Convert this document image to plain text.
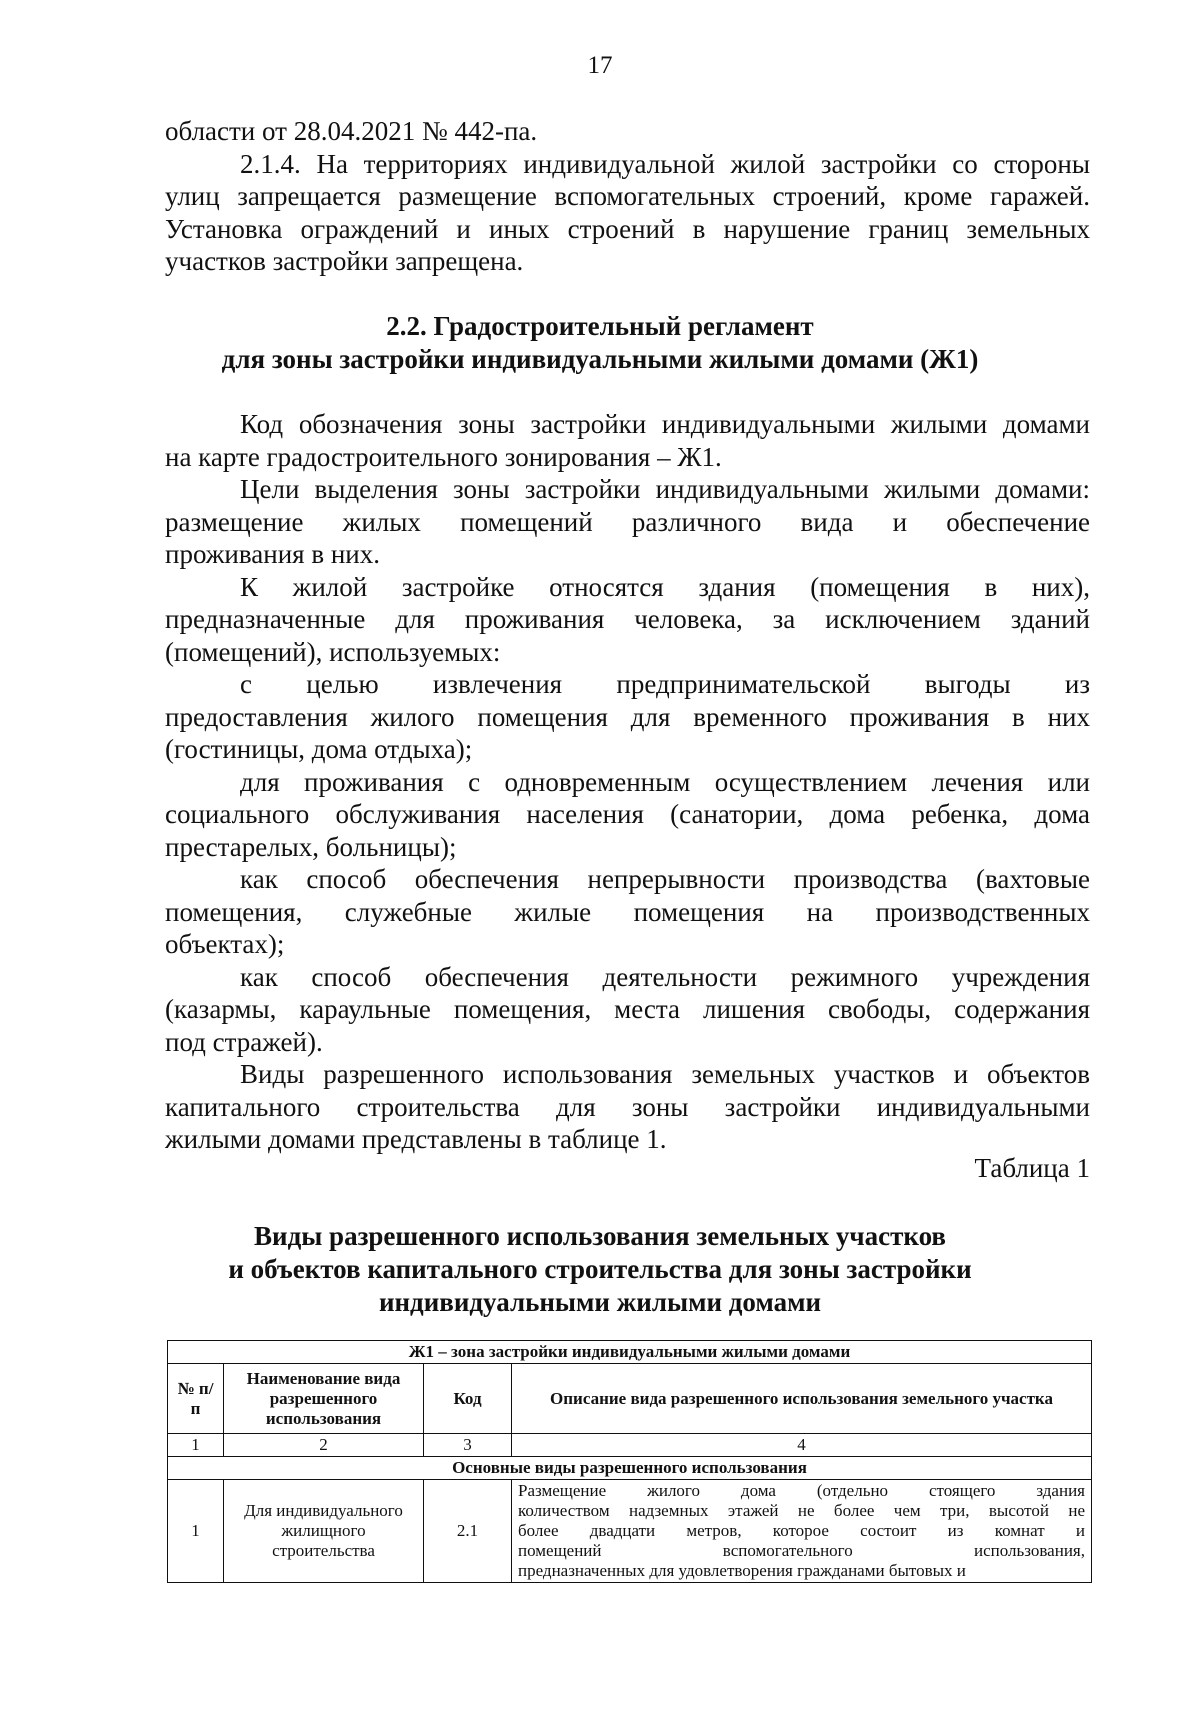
17
области от 28.04.2021 № 442-па.
2.1.4. На территориях индивидуальной жилой застройки со стороны
улиц запрещается размещение вспомогательных строений, кроме гаражей.
Установка ограждений и иных строений в нарушение границ земельных
участков застройки запрещена.
2.2. Градостроительный регламент
для зоны застройки индивидуальными жилыми домами (Ж1)
Код обозначения зоны застройки индивидуальными жилыми домами
на карте градостроительного зонирования – Ж1.
Цели выделения зоны застройки индивидуальными жилыми домами:
размещение жилых помещений различного вида и обеспечение
проживания в них.
К жилой застройке относятся здания (помещения в них),
предназначенные для проживания человека, за исключением зданий
(помещений), используемых:
с целью извлечения предпринимательской выгоды из
предоставления жилого помещения для временного проживания в них
(гостиницы, дома отдыха);
для проживания с одновременным осуществлением лечения или
социального обслуживания населения (санатории, дома ребенка, дома
престарелых, больницы);
как способ обеспечения непрерывности производства (вахтовые
помещения, служебные жилые помещения на производственных
объектах);
как способ обеспечения деятельности режимного учреждения
(казармы, караульные помещения, места лишения свободы, содержания
под стражей).
Виды разрешенного использования земельных участков и объектов
капитального строительства для зоны застройки индивидуальными
жилыми домами представлены в таблице 1.
Таблица 1
Виды разрешенного использования земельных участков
и объектов капитального строительства для зоны застройки
индивидуальными жилыми домами
Ж1 – зона застройки индивидуальными жилыми домами			
№ п/п	Наименование вида разрешенного использования	Код	Описание вида разрешенного использования земельного участка
1	2	3	4
Основные виды разрешенного использования			
1	Для индивидуального жилищного строительства	2.1	Размещение жилого дома (отдельно стоящего здания
количеством надземных этажей не более чем три, высотой не
более двадцати метров, которое состоит из комнат и
помещений вспомогательного использования,
предназначенных для удовлетворения гражданами бытовых и
